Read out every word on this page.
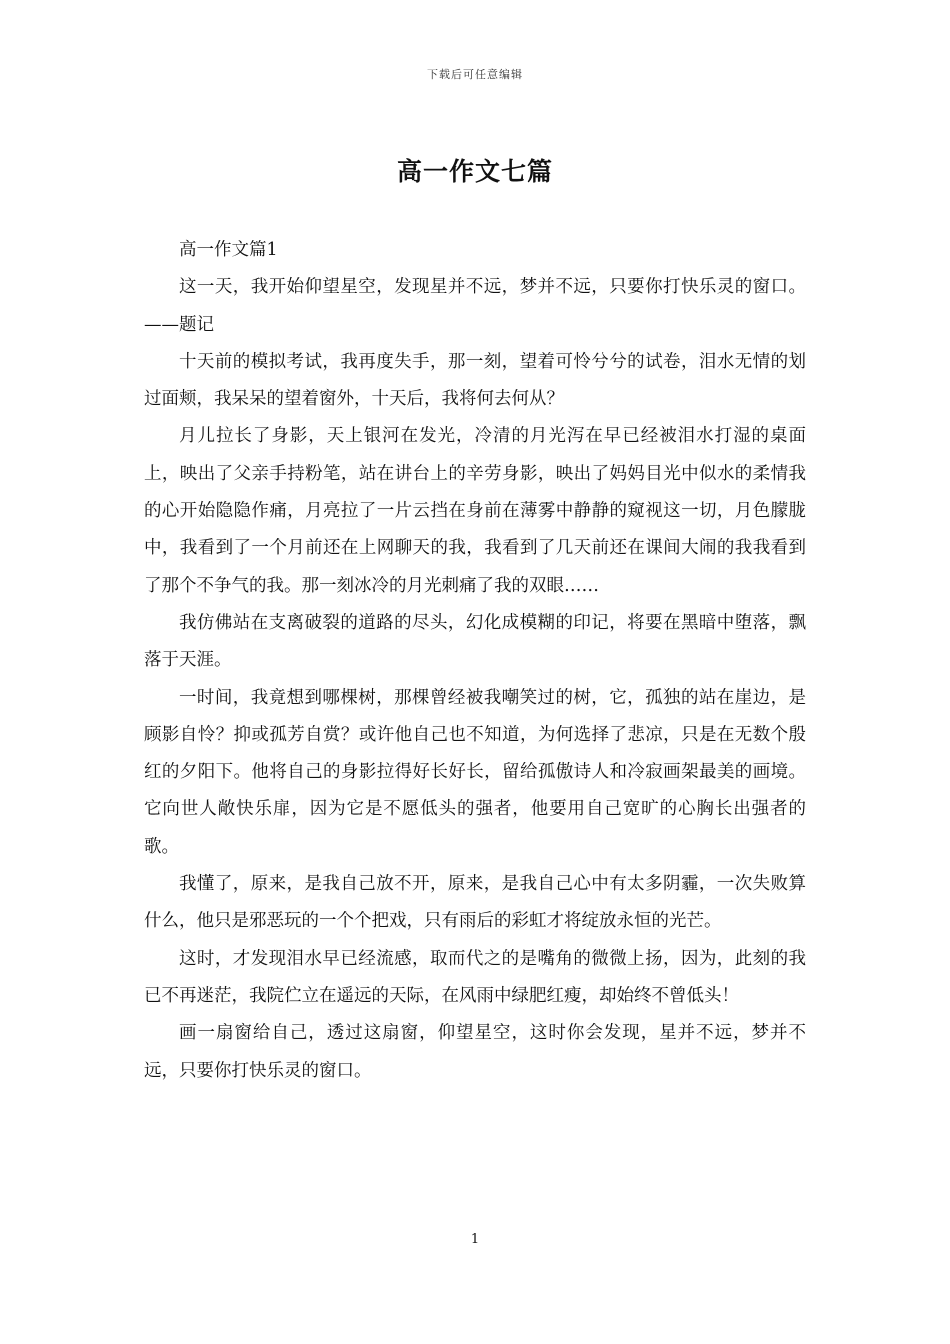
下载后可任意编辑
高一作文七篇

高一作文篇1

这一天，我开始仰望星空，发现星并不远，梦并不远，只要你打快乐灵的窗口。——题记

十天前的模拟考试，我再度失手，那一刻，望着可怜兮兮的试卷，泪水无情的划过面颊，我呆呆的望着窗外，十天后，我将何去何从？

月儿拉长了身影，天上银河在发光，冷清的月光泻在早已经被泪水打湿的桌面上，映出了父亲手持粉笔，站在讲台上的辛劳身影，映出了妈妈目光中似水的柔情我的心开始隐隐作痛，月亮拉了一片云挡在身前在薄雾中静静的窥视这一切，月色朦胧中，我看到了一个月前还在上网聊天的我，我看到了几天前还在课间大闹的我我看到了那个不争气的我。那一刻冰冷的月光刺痛了我的双眼……

我仿佛站在支离破裂的道路的尽头，幻化成模糊的印记，将要在黑暗中堕落，飘落于天涯。

一时间，我竟想到哪棵树，那棵曾经被我嘲笑过的树，它，孤独的站在崖边，是顾影自怜？抑或孤芳自赏？或许他自己也不知道，为何选择了悲凉，只是在无数个殷红的夕阳下。他将自己的身影拉得好长好长，留给孤傲诗人和冷寂画架最美的画境。它向世人敞快乐扉，因为它是不愿低头的强者，他要用自己宽旷的心胸长出强者的歌。

我懂了，原来，是我自己放不开，原来，是我自己心中有太多阴霾，一次失败算什么，他只是邪恶玩的一个个把戏，只有雨后的彩虹才将绽放永恒的光芒。

这时，才发现泪水早已经流感，取而代之的是嘴角的微微上扬，因为，此刻的我已不再迷茫，我院伫立在遥远的天际，在风雨中绿肥红瘦，却始终不曾低头！

画一扇窗给自己，透过这扇窗，仰望星空，这时你会发现，星并不远，梦并不远，只要你打快乐灵的窗口。

1
